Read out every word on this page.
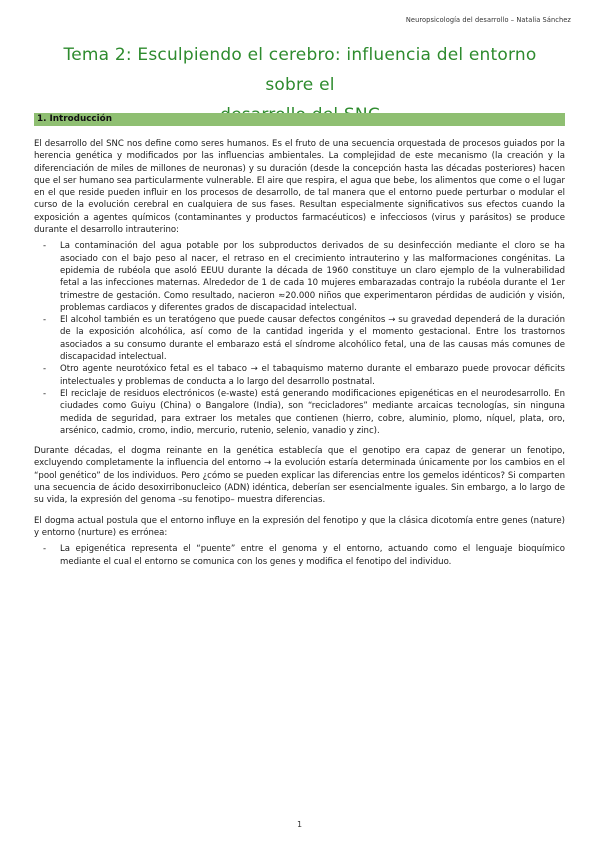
Neuropsicología del desarrollo – Natalia Sánchez
Tema 2: Esculpiendo el cerebro: influencia del entorno sobre el
1. Introducción

El desarrollo del SNC nos define como seres humanos. Es el fruto de una secuencia orquestada de procesos guiados por la herencia genética y modificados por las influencias ambientales. La complejidad de este mecanismo (la creación y la diferenciación de miles de millones de neuronas) y su duración (desde la concepción hasta las décadas posteriores) hacen que el ser humano sea particularmente vulnerable. El aire que respira, el agua que bebe, los alimentos que come o el lugar en el que reside pueden influir en los procesos de desarrollo, de tal manera que el entorno puede perturbar o modular el curso de la evolución cerebral en cualquiera de sus fases. Resultan especialmente significativos sus efectos cuando la exposición a agentes químicos (contaminantes y productos farmacéuticos) e infecciosos (virus y parásitos) se produce durante el desarrollo intrauterino:

- La contaminación del agua potable por los subproductos derivados de su desinfección mediante el cloro se ha asociado con el bajo peso al nacer, el retraso en el crecimiento intrauterino y las malformaciones congénitas. La epidemia de rubéola que asoló EEUU durante la década de 1960 constituye un claro ejemplo de la vulnerabilidad fetal a las infecciones maternas. Alrededor de 1 de cada 10 mujeres embarazadas contrajo la rubéola durante el 1er trimestre de gestación. Como resultado, nacieron ≈20.000 niños que experimentaron pérdidas de audición y visión, problemas cardiacos y diferentes grados de discapacidad intelectual.
- El alcohol también es un teratógeno que puede causar defectos congénitos → su gravedad dependerá de la duración de la exposición alcohólica, así como de la cantidad ingerida y el momento gestacional. Entre los trastornos asociados a su consumo durante el embarazo está el síndrome alcohólico fetal, una de las causas más comunes de discapacidad intelectual.
- Otro agente neurotóxico fetal es el tabaco → el tabaquismo materno durante el embarazo puede provocar déficits intelectuales y problemas de conducta a lo largo del desarrollo postnatal.
- El reciclaje de residuos electrónicos (e-waste) está generando modificaciones epigenéticas en el neurodesarrollo. En ciudades como Guiyu (China) o Bangalore (India), son “recicladores” mediante arcaicas tecnologías, sin ninguna medida de seguridad, para extraer los metales que contienen (hierro, cobre, aluminio, plomo, níquel, plata, oro, arsénico, cadmio, cromo, indio, mercurio, rutenio, selenio, vanadio y zinc).

Durante décadas, el dogma reinante en la genética establecía que el genotipo era capaz de generar un fenotipo, excluyendo completamente la influencia del entorno → la evolución estaría determinada únicamente por los cambios en el “pool genético” de los individuos. Pero ¿cómo se pueden explicar las diferencias entre los gemelos idénticos? Si comparten una secuencia de ácido desoxirribonucleico (ADN) idéntica, deberían ser esencialmente iguales. Sin embargo, a lo largo de su vida, la expresión del genoma –su fenotipo– muestra diferencias.

El dogma actual postula que el entorno influye en la expresión del fenotipo y que la clásica dicotomía entre genes (nature) y entorno (nurture) es errónea:

- La epigenética representa el “puente” entre el genoma y el entorno, actuando como el lenguaje bioquímico mediante el cual el entorno se comunica con los genes y modifica el fenotipo del individuo.
1
